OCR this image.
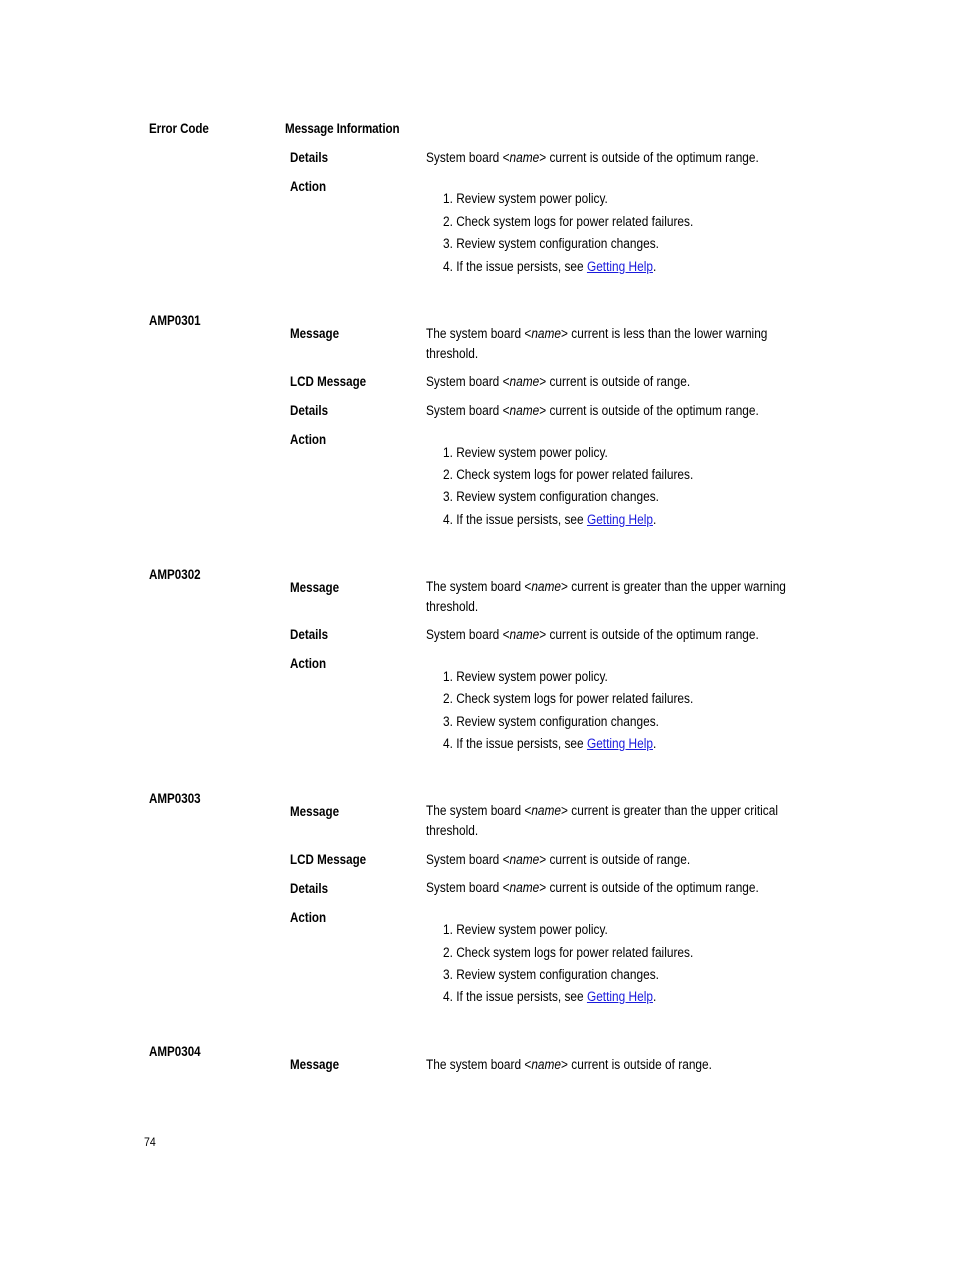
Error Code	Message Information
Details	System board <name> current is outside of the optimum range.
Action
1. Review system power policy.
2. Check system logs for power related failures.
3. Review system configuration changes.
4. If the issue persists, see Getting Help.
AMP0301
Message	The system board <name> current is less than the lower warning
threshold.
LCD Message	System board <name> current is outside of range.
Details	System board <name> current is outside of the optimum range.
Action
1. Review system power policy.
2. Check system logs for power related failures.
3. Review system configuration changes.
4. If the issue persists, see Getting Help.
AMP0302
Message	The system board <name> current is greater than the upper warning
threshold.
Details	System board <name> current is outside of the optimum range.
Action
1. Review system power policy.
2. Check system logs for power related failures.
3. Review system configuration changes.
4. If the issue persists, see Getting Help.
AMP0303
Message	The system board <name> current is greater than the upper critical
threshold.
LCD Message	System board <name> current is outside of range.
Details	System board <name> current is outside of the optimum range.
Action
1. Review system power policy.
2. Check system logs for power related failures.
3. Review system configuration changes.
4. If the issue persists, see Getting Help.
AMP0304
Message	The system board <name> current is outside of range.
74
